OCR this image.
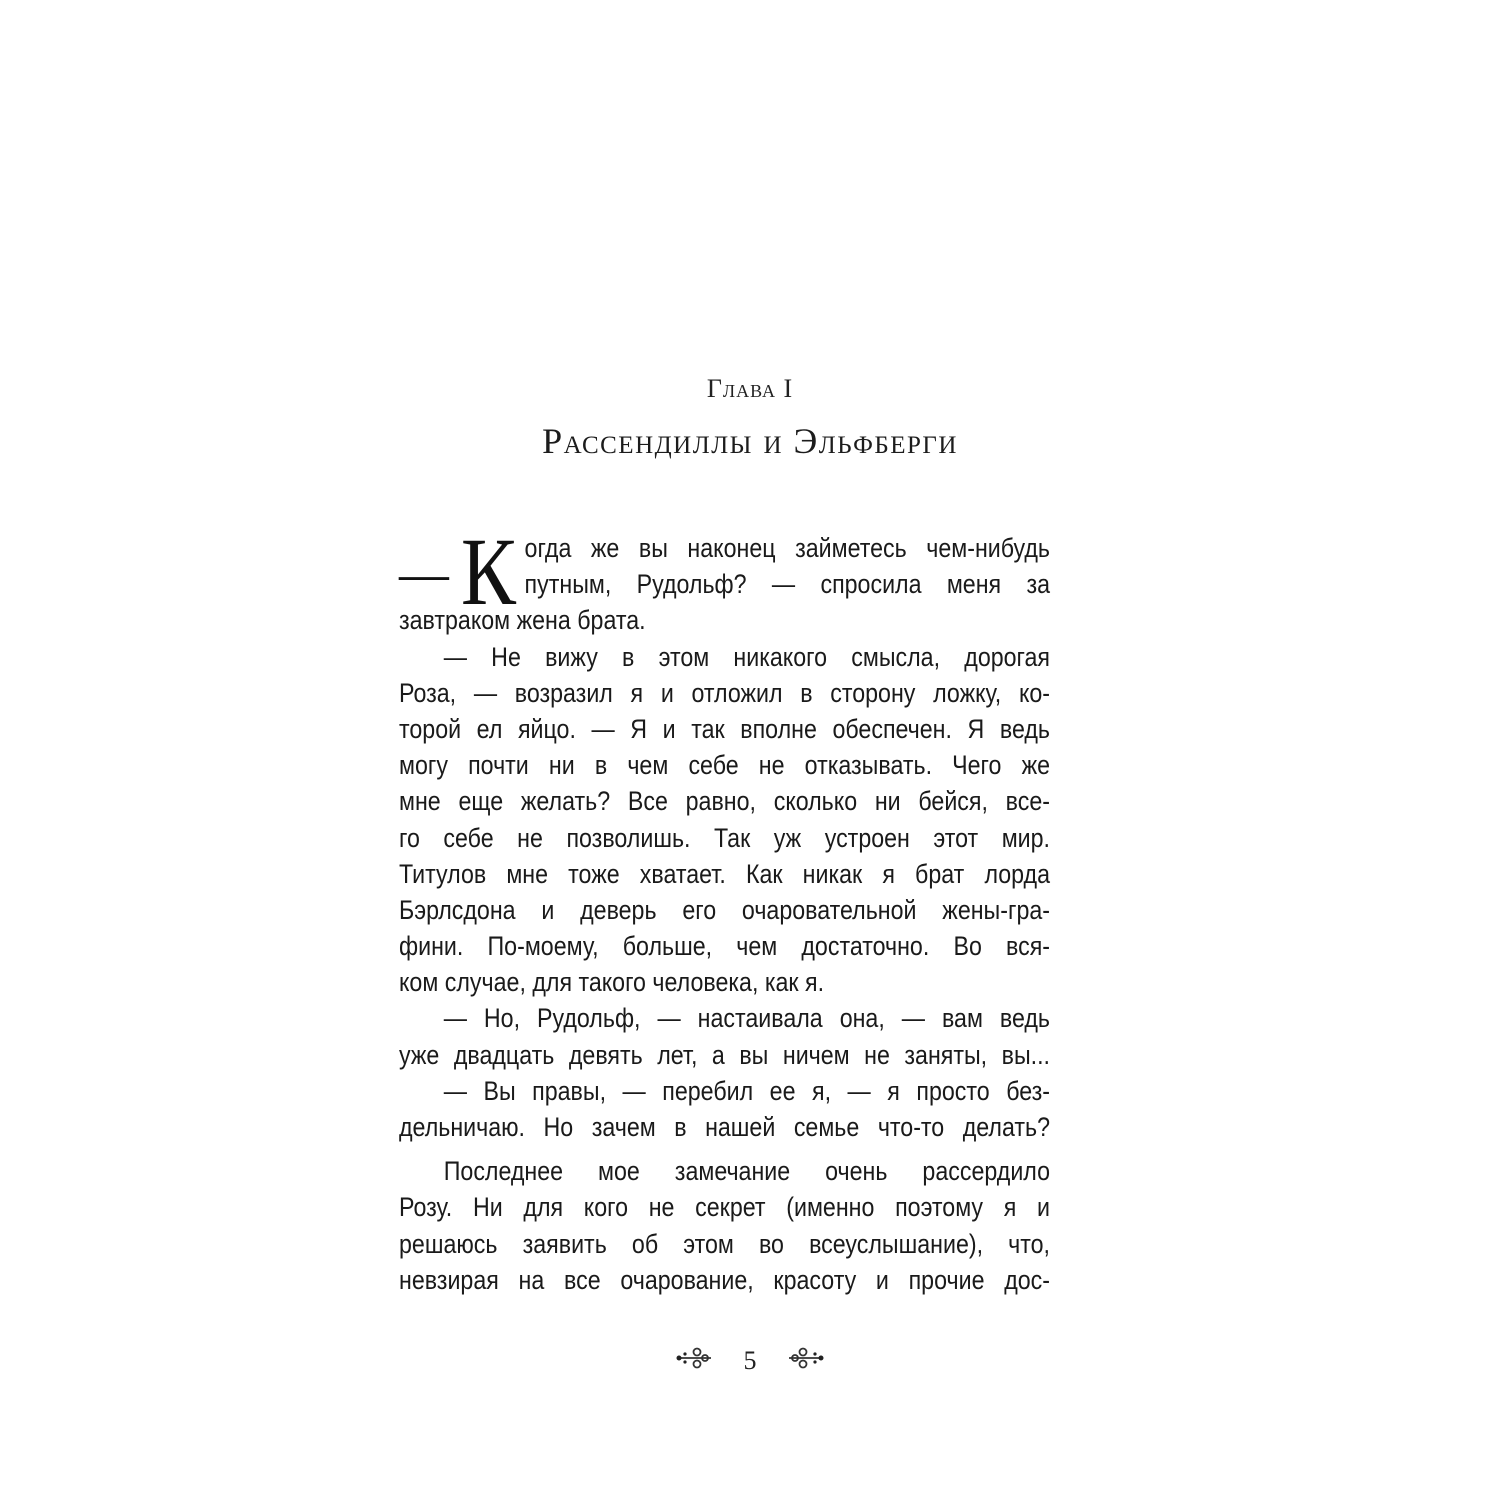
Глава I
Рассендиллы и Эльфберги
— К огда же вы наконец займетесь чем-нибудь
путным, Рудольф? — спросила меня за
завтраком жена брата.
— Не вижу в этом никакого смысла, дорогая
Роза, — возразил я и отложил в сторону ложку, ко-
торой ел яйцо. — Я и так вполне обеспечен. Я ведь
могу почти ни в чем себе не отказывать. Чего же
мне еще желать? Все равно, сколько ни бейся, все-
го себе не позволишь. Так уж устроен этот мир.
Титулов мне тоже хватает. Как никак я брат лорда
Бэрлсдона и деверь его очаровательной жены-гра-
фини. По-моему, больше, чем достаточно. Во вся-
ком случае, для такого человека, как я.
— Но, Рудольф, — настаивала она, — вам ведь
уже двадцать девять лет, а вы ничем не заняты, вы...
— Вы правы, — перебил ее я, — я просто без-
дельничаю. Но зачем в нашей семье что-то делать?
Последнее мое замечание очень рассердило
Розу. Ни для кого не секрет (именно поэтому я и
решаюсь заявить об этом во всеуслышание), что,
невзирая на все очарование, красоту и прочие дос-
5
